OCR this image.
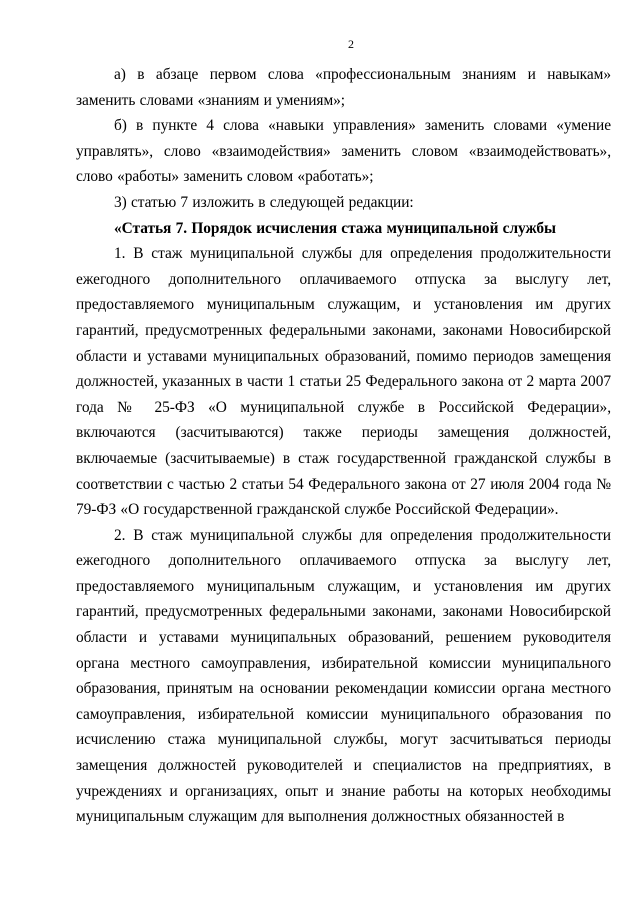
2

а) в абзаце первом слова «профессиональным знаниям и навыкам» заменить словами «знаниям и умениям»;

б) в пункте 4 слова «навыки управления» заменить словами «умение управлять», слово «взаимодействия» заменить словом «взаимодействовать», слово «работы» заменить словом «работать»;

3) статью 7 изложить в следующей редакции:

«Статья 7. Порядок исчисления стажа муниципальной службы

1. В стаж муниципальной службы для определения продолжительности ежегодного дополнительного оплачиваемого отпуска за выслугу лет, предоставляемого муниципальным служащим, и установления им других гарантий, предусмотренных федеральными законами, законами Новосибирской области и уставами муниципальных образований, помимо периодов замещения должностей, указанных в части 1 статьи 25 Федерального закона от 2 марта 2007 года № 25-ФЗ «О муниципальной службе в Российской Федерации», включаются (засчитываются) также периоды замещения должностей, включаемые (засчитываемые) в стаж государственной гражданской службы в соответствии с частью 2 статьи 54 Федерального закона от 27 июля 2004 года № 79-ФЗ «О государственной гражданской службе Российской Федерации».

2. В стаж муниципальной службы для определения продолжительности ежегодного дополнительного оплачиваемого отпуска за выслугу лет, предоставляемого муниципальным служащим, и установления им других гарантий, предусмотренных федеральными законами, законами Новосибирской области и уставами муниципальных образований, решением руководителя органа местного самоуправления, избирательной комиссии муниципального образования, принятым на основании рекомендации комиссии органа местного самоуправления, избирательной комиссии муниципального образования по исчислению стажа муниципальной службы, могут засчитываться периоды замещения должностей руководителей и специалистов на предприятиях, в учреждениях и организациях, опыт и знание работы на которых необходимы муниципальным служащим для выполнения должностных обязанностей в
